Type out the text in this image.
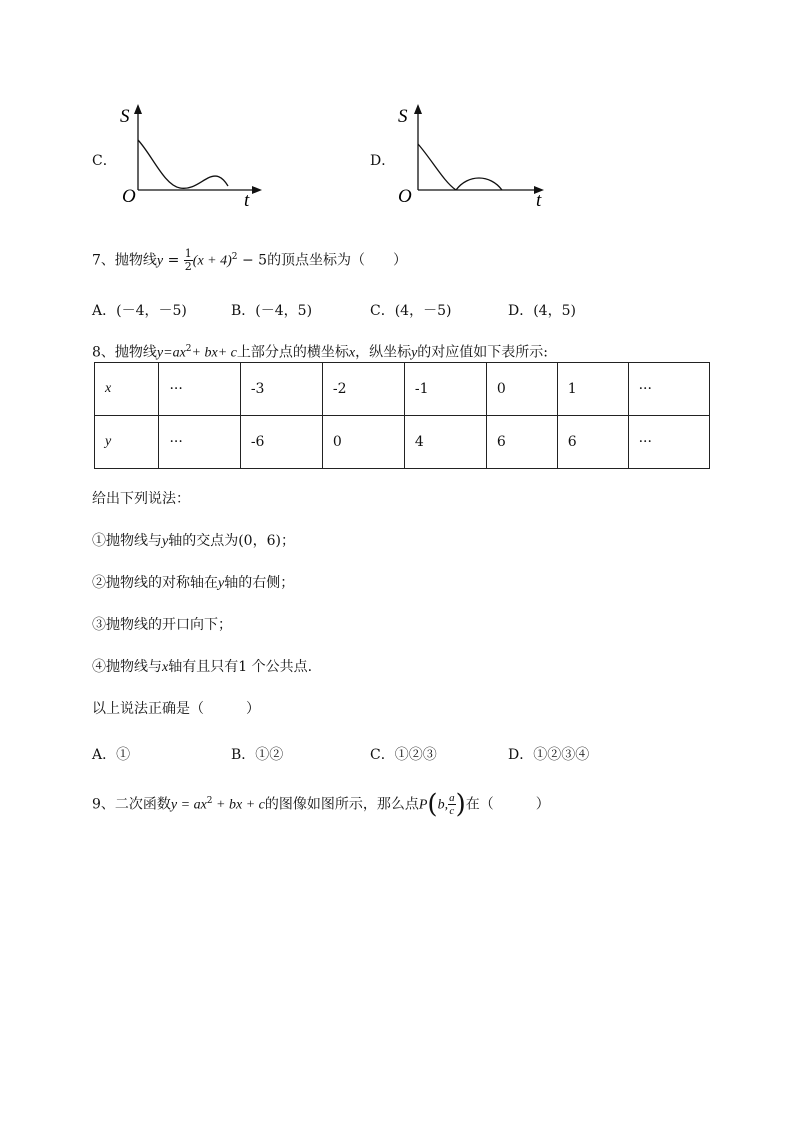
C．
S
O	t
D．
S
O	t
7、抛物线$y = \frac{1}{2} (x + 4)^2 - 5$的顶点坐标为（　　）
A．(－4，－5)	B．(－4，5)	C．(4，－5)	D．(4，5)
8、抛物线$y=ax^2+ bx+ c$上部分点的横坐标x，纵坐标y的对应值如下表所示:
x	···	-3	-2	-1	0	1	···
y	···	-6	0	4	6	6	···
给出下列说法：
①抛物线与y轴的交点为(0，6)；
②抛物线的对称轴在y轴的右侧；
③抛物线的开口向下；
④抛物线与x轴有且只有1 个公共点.
以上说法正确是（　　　）
A．①	B．①②	C．①②③	D．①②③④
9、二次函数$y = ax^2$ + bx + c的图像如图所示，那么点P(b, $\frac{a}{c}$ )在（　　　）
